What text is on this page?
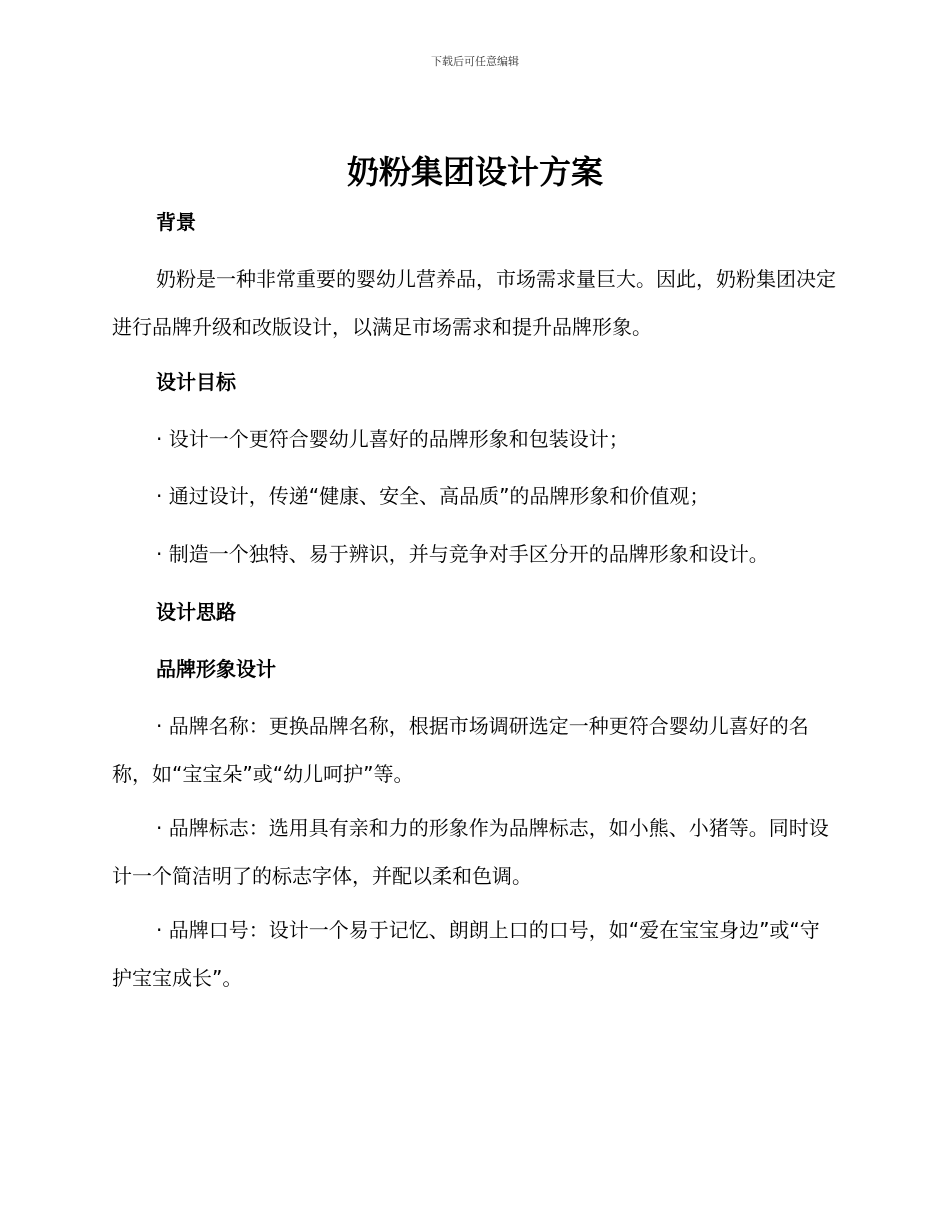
下载后可任意编辑
奶粉集团设计方案
背景
奶粉是一种非常重要的婴幼儿营养品，市场需求量巨大。因此，奶粉集团决定进行品牌升级和改版设计，以满足市场需求和提升品牌形象。
设计目标
· 设计一个更符合婴幼儿喜好的品牌形象和包装设计；
· 通过设计，传递“健康、安全、高品质”的品牌形象和价值观；
· 制造一个独特、易于辨识，并与竞争对手区分开的品牌形象和设计。
设计思路
品牌形象设计
· 品牌名称：更换品牌名称，根据市场调研选定一种更符合婴幼儿喜好的名称，如“宝宝朵”或“幼儿呵护”等。
· 品牌标志：选用具有亲和力的形象作为品牌标志，如小熊、小猪等。同时设计一个简洁明了的标志字体，并配以柔和色调。
· 品牌口号：设计一个易于记忆、朗朗上口的口号，如“爱在宝宝身边”或“守护宝宝成长”。
